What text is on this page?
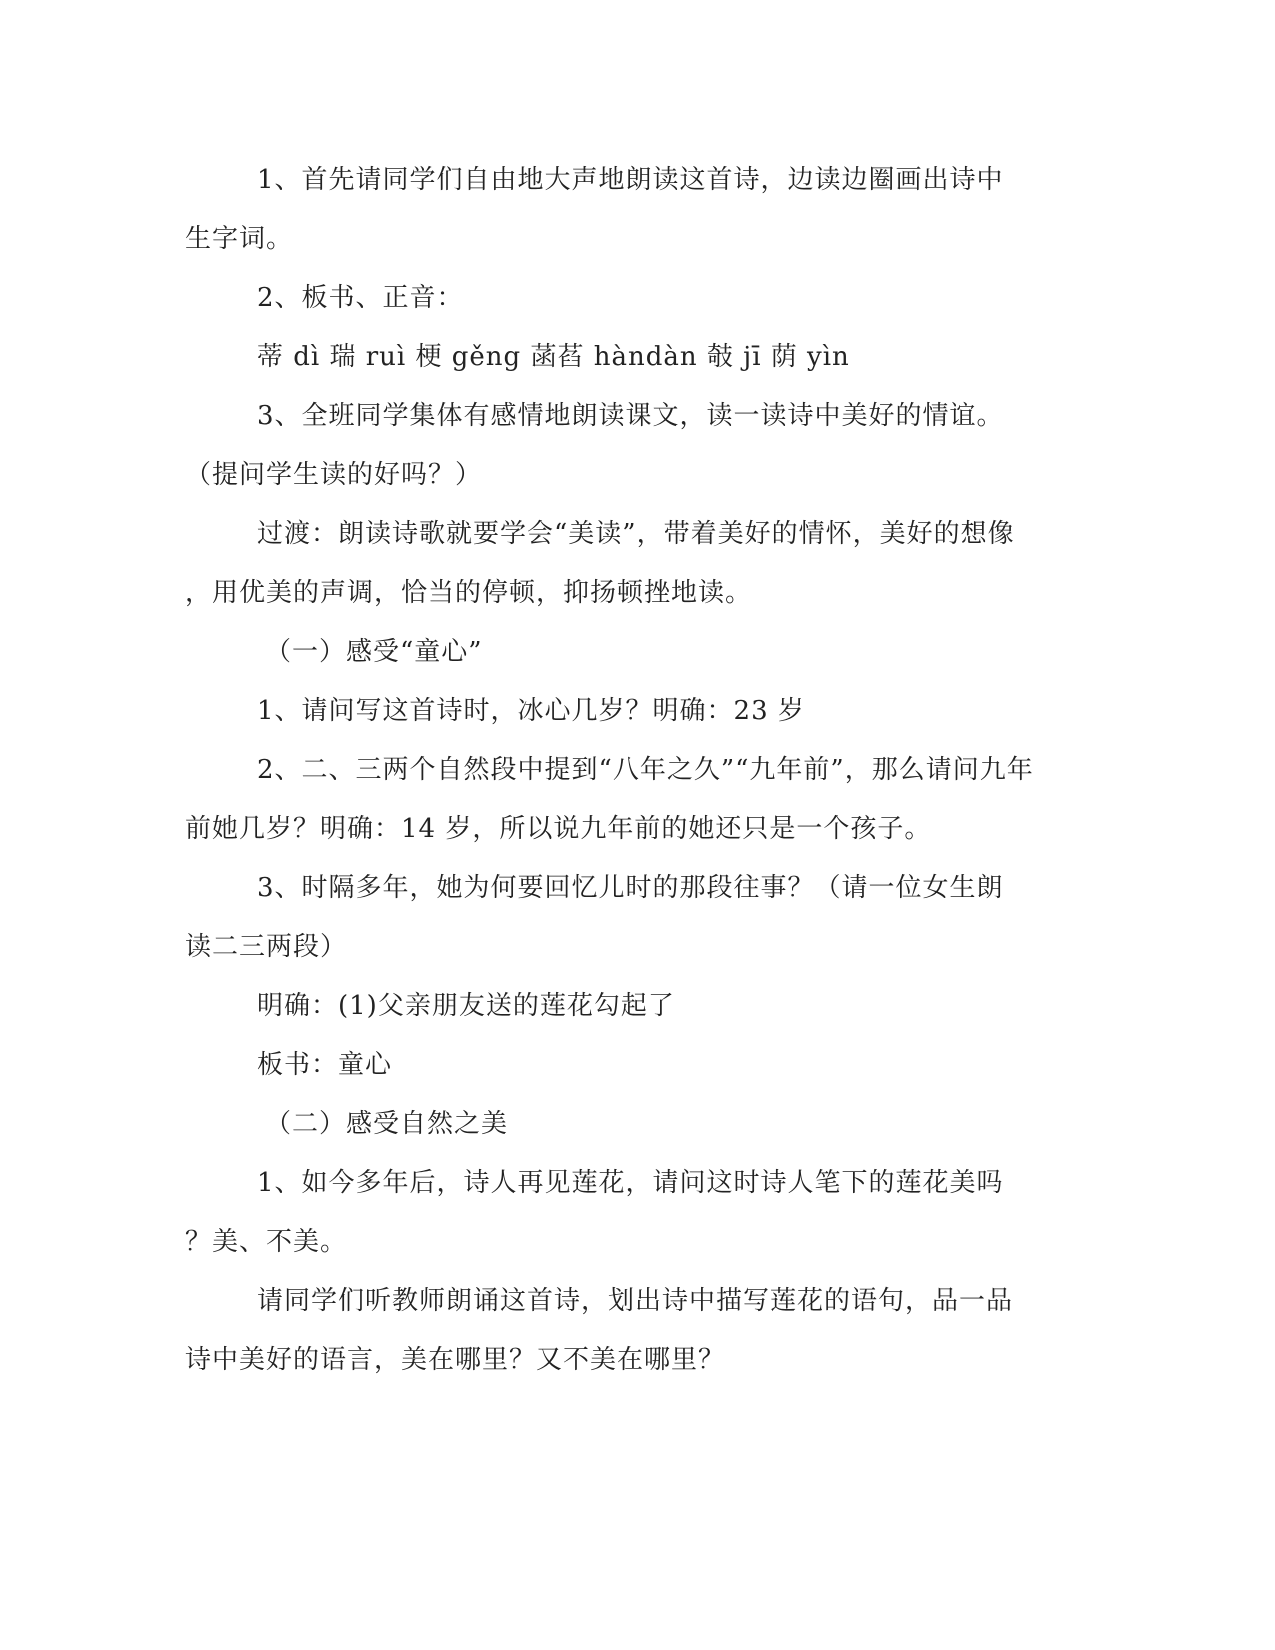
1、首先请同学们自由地大声地朗读这首诗，边读边圈画出诗中
生字词。
2、板书、正音：
蒂 dì 瑞 ruì 梗 gěng 菡萏 hàndàn 攲 jī 荫 yìn
3、全班同学集体有感情地朗读课文，读一读诗中美好的情谊。
（提问学生读的好吗？）
过渡：朗读诗歌就要学会“美读”，带着美好的情怀，美好的想像
，用优美的声调，恰当的停顿，抑扬顿挫地读。
（一）感受“童心”
1、请问写这首诗时，冰心几岁？明确：23 岁
2、二、三两个自然段中提到“八年之久”“九年前”，那么请问九年
前她几岁？明确：14 岁，所以说九年前的她还只是一个孩子。
3、时隔多年，她为何要回忆儿时的那段往事？（请一位女生朗
读二三两段）
明确：(1)父亲朋友送的莲花勾起了
板书：童心
（二）感受自然之美
1、如今多年后，诗人再见莲花，请问这时诗人笔下的莲花美吗
？美、不美。
请同学们听教师朗诵这首诗，划出诗中描写莲花的语句，品一品
诗中美好的语言，美在哪里？又不美在哪里？
